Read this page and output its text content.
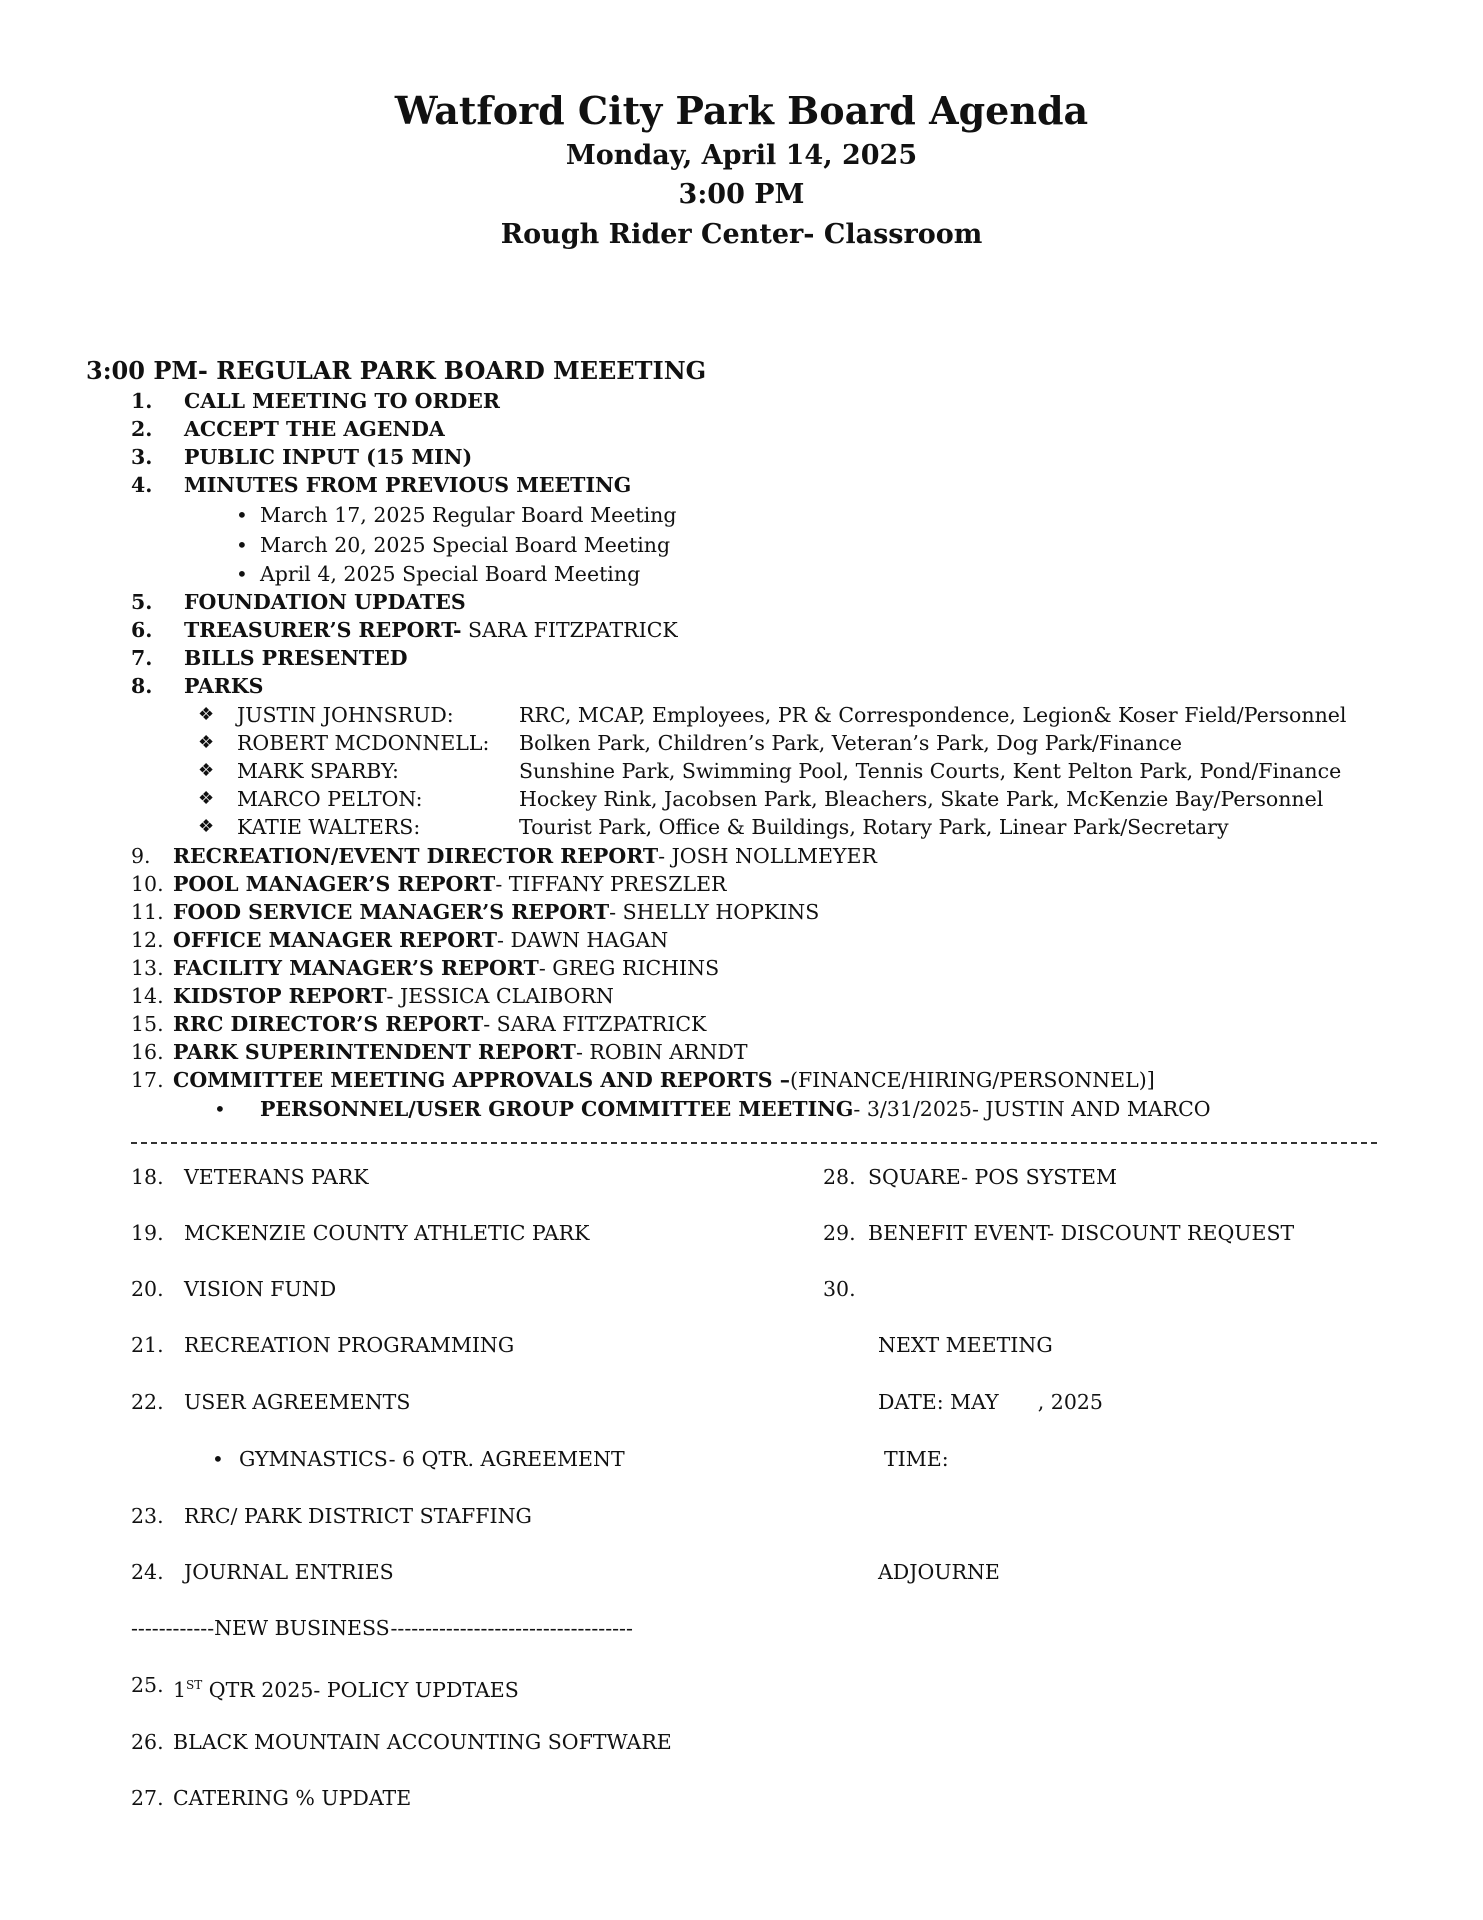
Watford City Park Board Agenda
Monday, April 14, 2025
3:00 PM
Rough Rider Center- Classroom
3:00 PM- REGULAR PARK BOARD MEEETING
1. CALL MEETING TO ORDER
2. ACCEPT THE AGENDA
3. PUBLIC INPUT (15 MIN)
4. MINUTES FROM PREVIOUS MEETING
• March 17, 2025 Regular Board Meeting
• March 20, 2025 Special Board Meeting
• April 4, 2025 Special Board Meeting
5. FOUNDATION UPDATES
6. TREASURER’S REPORT- SARA FITZPATRICK
7. BILLS PRESENTED
8. PARKS
❖ JUSTIN JOHNSRUD:	RRC, MCAP, Employees, PR & Correspondence, Legion& Koser Field/Personnel
❖ ROBERT MCDONNELL: Bolken Park, Children’s Park, Veteran’s Park, Dog Park/Finance
❖ MARK SPARBY:	Sunshine Park, Swimming Pool, Tennis Courts, Kent Pelton Park, Pond/Finance
❖ MARCO PELTON:	Hockey Rink, Jacobsen Park, Bleachers, Skate Park, McKenzie Bay/Personnel
❖ KATIE WALTERS:	Tourist Park, Office & Buildings, Rotary Park, Linear Park/Secretary
9. RECREATION/EVENT DIRECTOR REPORT- JOSH NOLLMEYER
10. POOL MANAGER’S REPORT- TIFFANY PRESZLER
11. FOOD SERVICE MANAGER’S REPORT- SHELLY HOPKINS
12. OFFICE MANAGER REPORT- DAWN HAGAN
13. FACILITY MANAGER’S REPORT- GREG RICHINS
14. KIDSTOP REPORT- JESSICA CLAIBORN
15. RRC DIRECTOR’S REPORT- SARA FITZPATRICK
16. PARK SUPERINTENDENT REPORT- ROBIN ARNDT
17. COMMITTEE MEETING APPROVALS AND REPORTS –(FINANCE/HIRING/PERSONNEL)]
• PERSONNEL/USER GROUP COMMITTEE MEETING- 3/31/2025- JUSTIN AND MARCO
18. VETERANS PARK
19. MCKENZIE COUNTY ATHLETIC PARK
20. VISION FUND
21. RECREATION PROGRAMMING
22. USER AGREEMENTS
• GYMNASTICS- 6 QTR. AGREEMENT
23. RRC/ PARK DISTRICT STAFFING
24. JOURNAL ENTRIES
------------NEW BUSINESS-----------------------------------
25. 1ST QTR 2025- POLICY UPDTAES
26. BLACK MOUNTAIN ACCOUNTING SOFTWARE
27. CATERING % UPDATE
28. SQUARE- POS SYSTEM
29. BENEFIT EVENT- DISCOUNT REQUEST
30.
NEXT MEETING
DATE: MAY      , 2025
TIME:
ADJOURNE
